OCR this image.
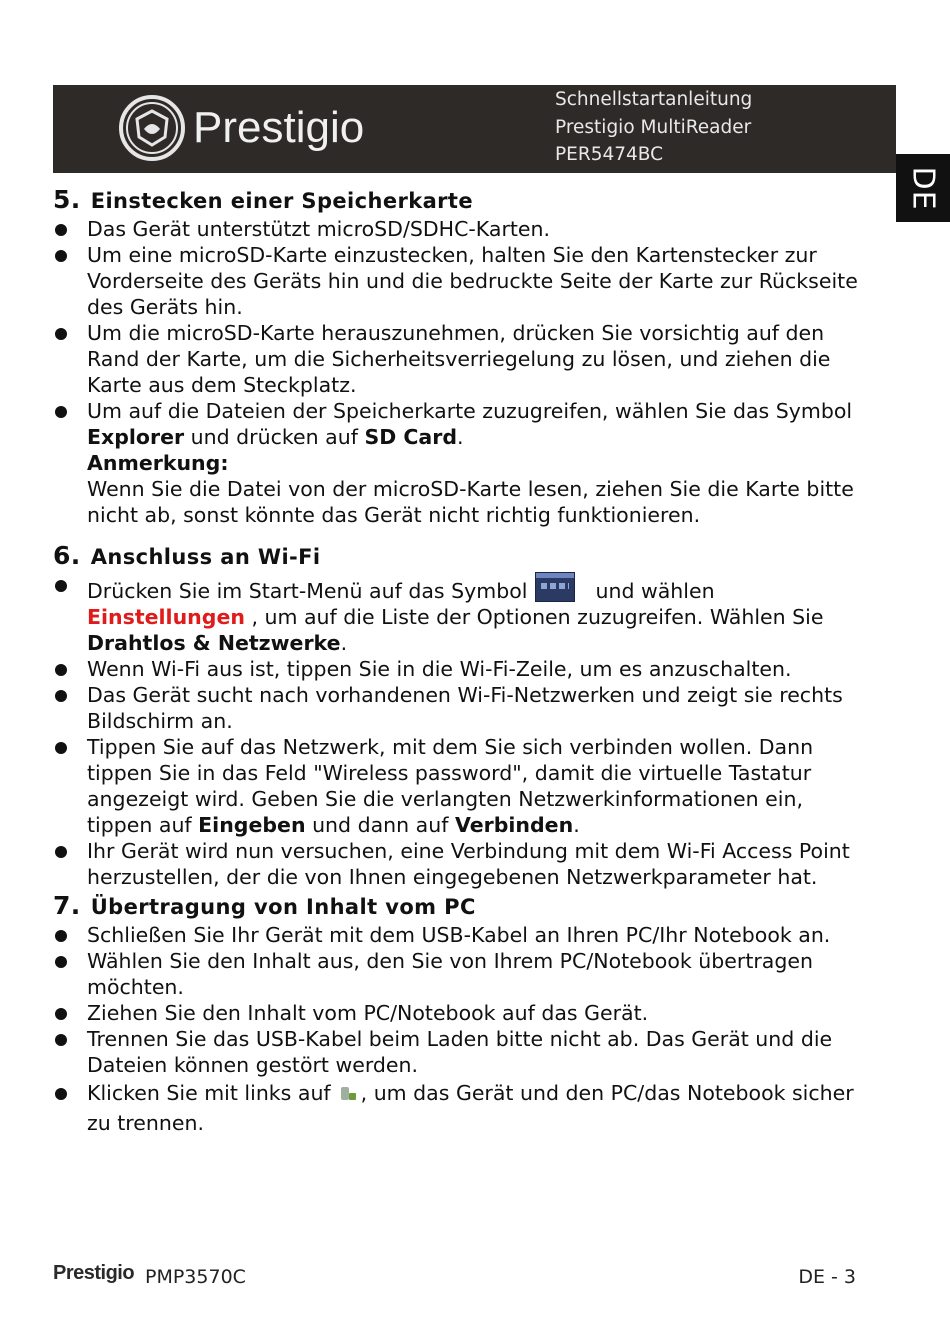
Prestigio
Schnellstartanleitung
Prestigio MultiReader
PER5474BC
DE
5. Einstecken einer Speicherkarte
Das Gerät unterstützt microSD/SDHC-Karten.
Um eine microSD-Karte einzustecken, halten Sie den Kartenstecker zur Vorderseite des Geräts hin und die bedruckte Seite der Karte zur Rückseite des Geräts hin.
Um die microSD-Karte herauszunehmen, drücken Sie vorsichtig auf den Rand der Karte, um die Sicherheitsverriegelung zu lösen, und ziehen die Karte aus dem Steckplatz.
Um auf die Dateien der Speicherkarte zuzugreifen, wählen Sie das Symbol Explorer und drücken auf SD Card.
Anmerkung:
Wenn Sie die Datei von der microSD-Karte lesen, ziehen Sie die Karte bitte nicht ab, sonst könnte das Gerät nicht richtig funktionieren.
6. Anschluss an Wi-Fi
Drücken Sie im Start-Menü auf das Symbol	und wählen Einstellungen , um auf die Liste der Optionen zuzugreifen. Wählen Sie Drahtlos & Netzwerke.
Wenn Wi-Fi aus ist, tippen Sie in die Wi-Fi-Zeile, um es anzuschalten.
Das Gerät sucht nach vorhandenen Wi-Fi-Netzwerken und zeigt sie rechts Bildschirm an.
Tippen Sie auf das Netzwerk, mit dem Sie sich verbinden wollen. Dann tippen Sie in das Feld "Wireless password", damit die virtuelle Tastatur angezeigt wird. Geben Sie die verlangten Netzwerkinformationen ein, tippen auf Eingeben und dann auf Verbinden.
Ihr Gerät wird nun versuchen, eine Verbindung mit dem Wi-Fi Access Point herzustellen, der die von Ihnen eingegebenen Netzwerkparameter hat.
7. Übertragung von Inhalt vom PC
Schließen Sie Ihr Gerät mit dem USB-Kabel an Ihren PC/Ihr Notebook an.
Wählen Sie den Inhalt aus, den Sie von Ihrem PC/Notebook übertragen möchten.
Ziehen Sie den Inhalt vom PC/Notebook auf das Gerät.
Trennen Sie das USB-Kabel beim Laden bitte nicht ab. Das Gerät und die Dateien können gestört werden.
Klicken Sie mit links auf , um das Gerät und den PC/das Notebook sicher zu trennen.
Prestigio PMP3570C	DE - 3
